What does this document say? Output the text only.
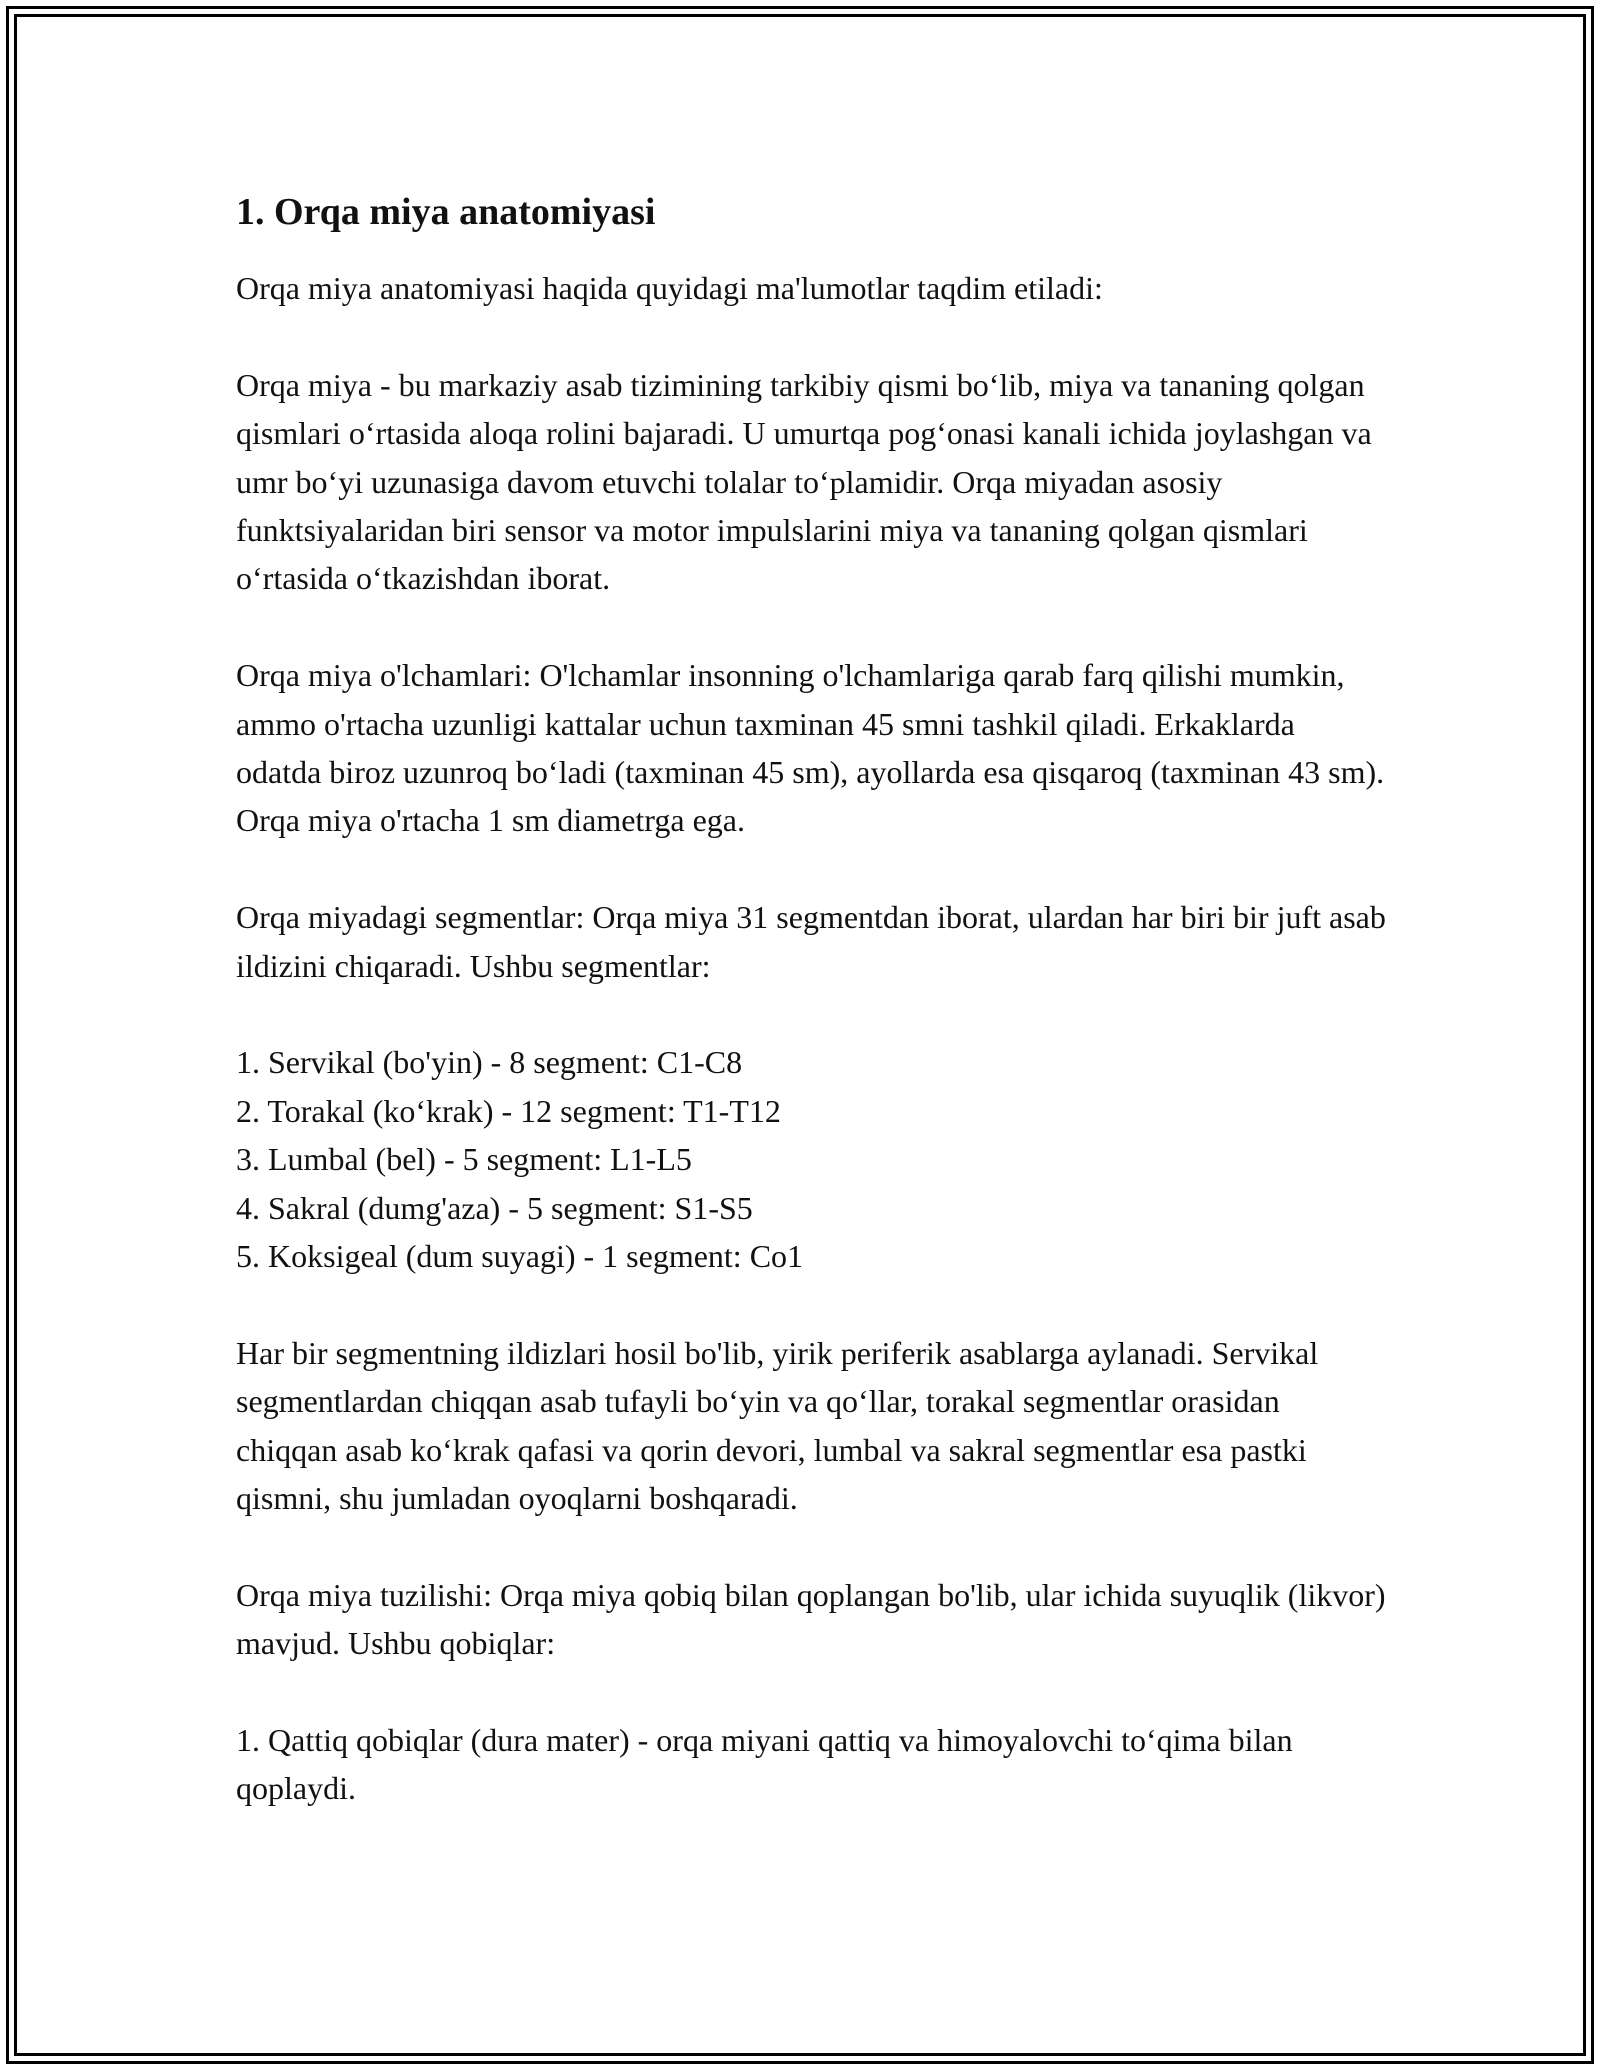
1. Orqa miya anatomiyasi

Orqa miya anatomiyasi haqida quyidagi ma'lumotlar taqdim etiladi:

Orqa miya - bu markaziy asab tizimining tarkibiy qismi boʻlib, miya va tananing qolgan qismlari oʻrtasida aloqa rolini bajaradi. U umurtqa pogʻonasi kanali ichida joylashgan va umr boʻyi uzunasiga davom etuvchi tolalar toʻplamidir. Orqa miyadan asosiy funktsiyalaridan biri sensor va motor impulslarini miya va tananing qolgan qismlari oʻrtasida oʻtkazishdan iborat.

Orqa miya o'lchamlari: O'lchamlar insonning o'lchamlariga qarab farq qilishi mumkin, ammo o'rtacha uzunligi kattalar uchun taxminan 45 smni tashkil qiladi. Erkaklarda odatda biroz uzunroq boʻladi (taxminan 45 sm), ayollarda esa qisqaroq (taxminan 43 sm). Orqa miya o'rtacha 1 sm diametrga ega.

Orqa miyadagi segmentlar: Orqa miya 31 segmentdan iborat, ulardan har biri bir juft asab ildizini chiqaradi. Ushbu segmentlar:

1. Servikal (bo'yin) - 8 segment: C1-C8
2. Torakal (koʻkrak) - 12 segment: T1-T12
3. Lumbal (bel) - 5 segment: L1-L5
4. Sakral (dumg'aza) - 5 segment: S1-S5
5. Koksigeal (dum suyagi) - 1 segment: Co1

Har bir segmentning ildizlari hosil bo'lib, yirik periferik asablarga aylanadi. Servikal segmentlardan chiqqan asab tufayli boʻyin va qoʻllar, torakal segmentlar orasidan chiqqan asab koʻkrak qafasi va qorin devori, lumbal va sakral segmentlar esa pastki qismni, shu jumladan oyoqlarni boshqaradi.

Orqa miya tuzilishi: Orqa miya qobiq bilan qoplangan bo'lib, ular ichida suyuqlik (likvor) mavjud. Ushbu qobiqlar:

1. Qattiq qobiqlar (dura mater) - orqa miyani qattiq va himoyalovchi toʻqima bilan qoplaydi.
